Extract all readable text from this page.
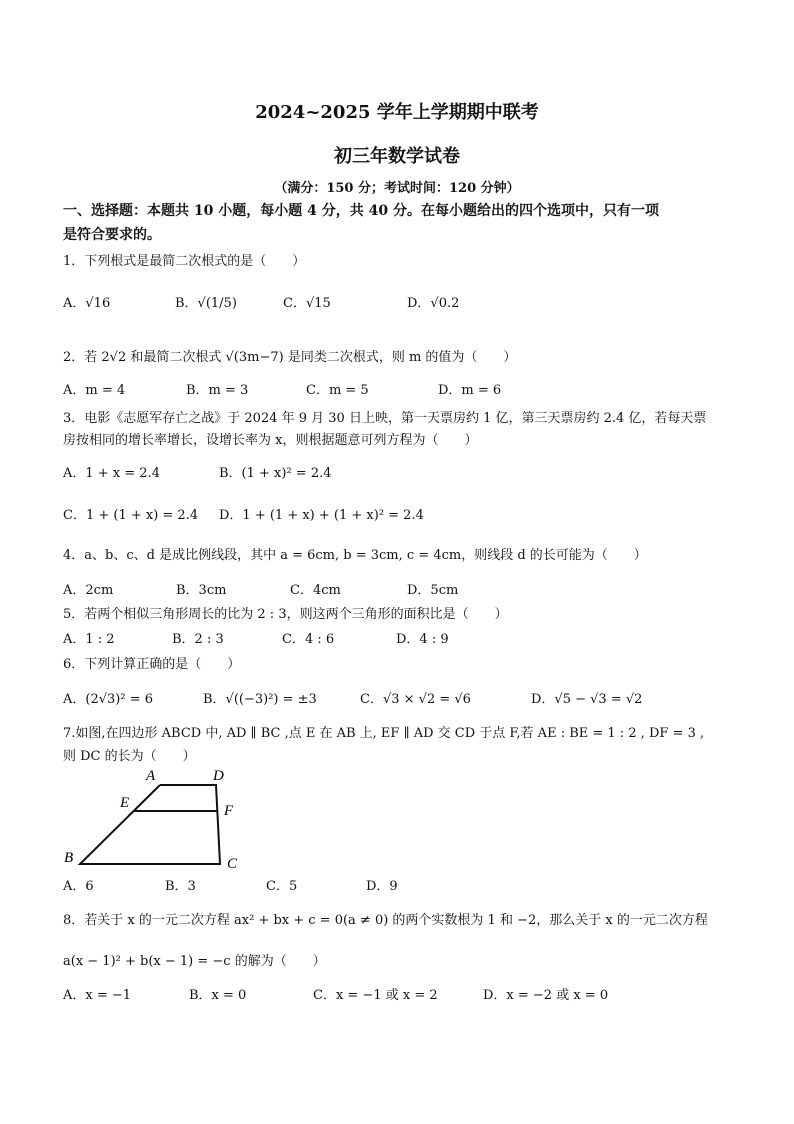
2024~2025 学年上学期期中联考
初三年数学试卷
（满分：150 分；考试时间：120 分钟）
一、选择题：本题共 10 小题，每小题 4 分，共 40 分。在每小题给出的四个选项中，只有一项
是符合要求的。
1．下列根式是最简二次根式的是（　　）
A．√16	B．√(1/5)	C．√15	D．√0.2
2．若 2√2 和最简二次根式 √(3m−7) 是同类二次根式，则 m 的值为（　　）
A．m = 4	B．m = 3	C．m = 5	D．m = 6
3．电影《志愿军存亡之战》于 2024 年 9 月 30 日上映，第一天票房约 1 亿，第三天票房约 2.4 亿，若每天票
房按相同的增长率增长，设增长率为 x，则根据题意可列方程为（　　）
A．1 + x = 2.4	B．(1 + x)² = 2.4
C．1 + (1 + x) = 2.4 D．1 + (1 + x) + (1 + x)² = 2.4
4．a、b、c、d 是成比例线段，其中 a = 6cm, b = 3cm, c = 4cm，则线段 d 的长可能为（　　）
A．2cm	B．3cm	C．4cm	D．5cm
5．若两个相似三角形周长的比为 2 : 3，则这两个三角形的面积比是（　　）
A．1 : 2	B．2 : 3	C．4 : 6	D．4 : 9
6．下列计算正确的是（　　）
A．(2√3)² = 6	B．√((−3)²) = ±3	C．√3 × √2 = √6	D．√5 − √3 = √2
7.如图,在四边形 ABCD 中, AD ∥ BC ,点 E 在 AB 上, EF ∥ AD 交 CD 于点 F,若 AE : BE = 1 : 2 , DF = 3 ,
则 DC 的长为（　　）
A	D
E	F
B	C
A．6	B．3	C．5	D．9
8．若关于 x 的一元二次方程 ax² + bx + c = 0(a ≠ 0) 的两个实数根为 1 和 −2，那么关于 x 的一元二次方程
a(x − 1)² + b(x − 1) = −c 的解为（　　）
A．x = −1	B．x = 0	C．x = −1 或 x = 2	D．x = −2 或 x = 0
